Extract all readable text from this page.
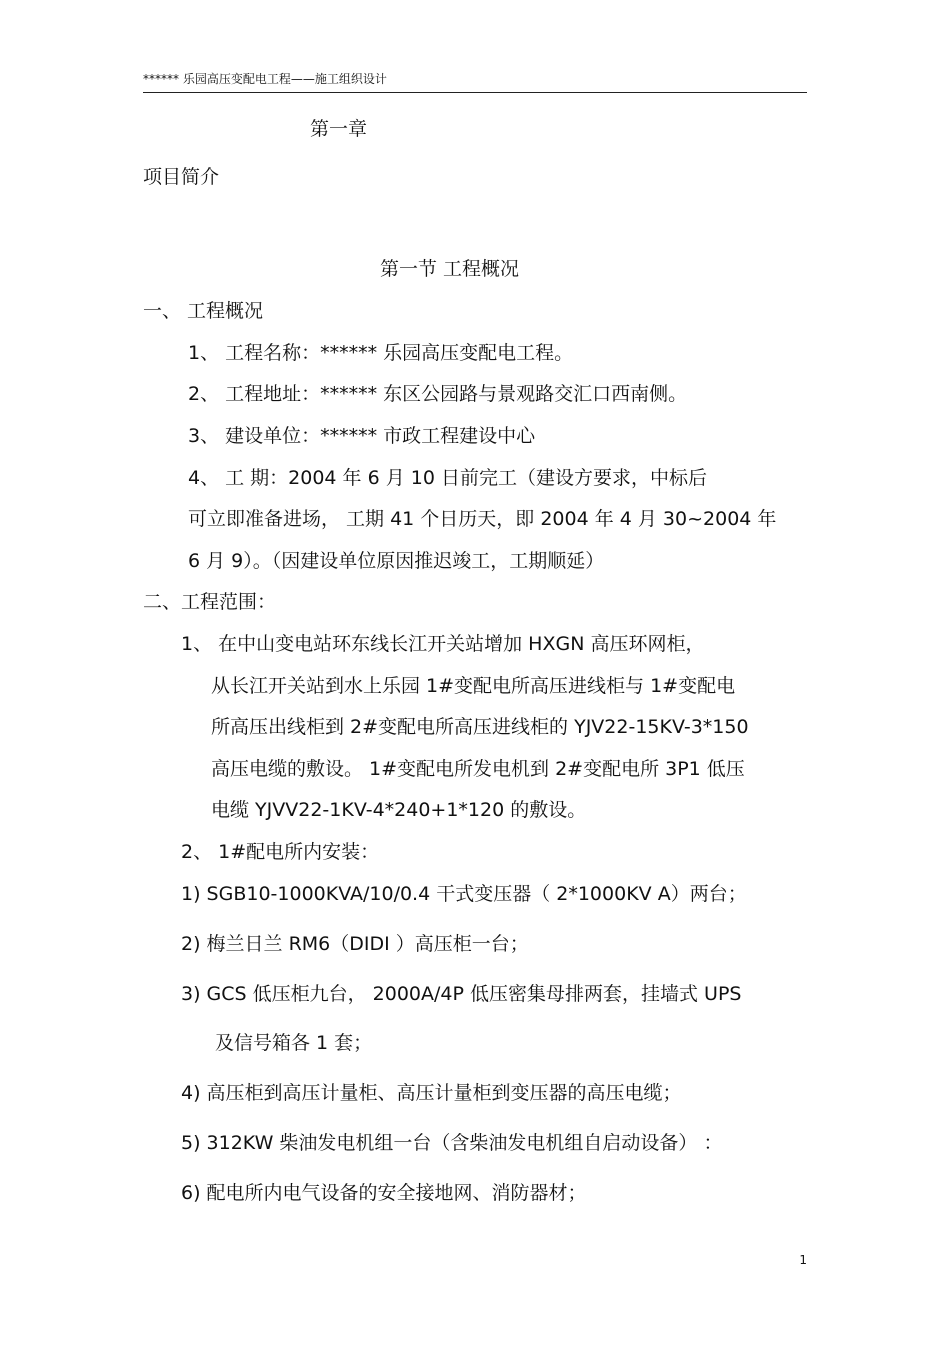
****** 乐园高压变配电工程——施工组织设计
第一章
项目简介
第一节 工程概况
一、 工程概况
1、 工程名称：****** 乐园高压变配电工程。
2、 工程地址：****** 东区公园路与景观路交汇口西南侧。
3、 建设单位：****** 市政工程建设中心
4、 工 期：2004 年 6 月 10 日前完工（建设方要求，中标后
可立即准备进场， 工期 41 个日历天，即 2004 年 4 月 30~2004 年
6 月 9）。（因建设单位原因推迟竣工，工期顺延）
二、工程范围：
1、 在中山变电站环东线长江开关站增加 HXGN 高压环网柜，
从长江开关站到水上乐园 1#变配电所高压进线柜与 1#变配电
所高压出线柜到 2#变配电所高压进线柜的 YJV22-15KV-3*150
高压电缆的敷设。 1#变配电所发电机到 2#变配电所 3P1 低压
电缆 YJVV22-1KV-4*240+1*120 的敷设。
2、 1#配电所内安装：
1) SGB10-1000KVA/10/0.4 干式变压器（ 2*1000KV A）两台；
2) 梅兰日兰 RM6（DIDI ）高压柜一台；
3) GCS 低压柜九台， 2000A/4P 低压密集母排两套，挂墙式 UPS
及信号箱各 1 套；
4) 高压柜到高压计量柜、高压计量柜到变压器的高压电缆；
5) 312KW 柴油发电机组一台（含柴油发电机组自启动设备） ：
6) 配电所内电气设备的安全接地网、消防器材；
1
